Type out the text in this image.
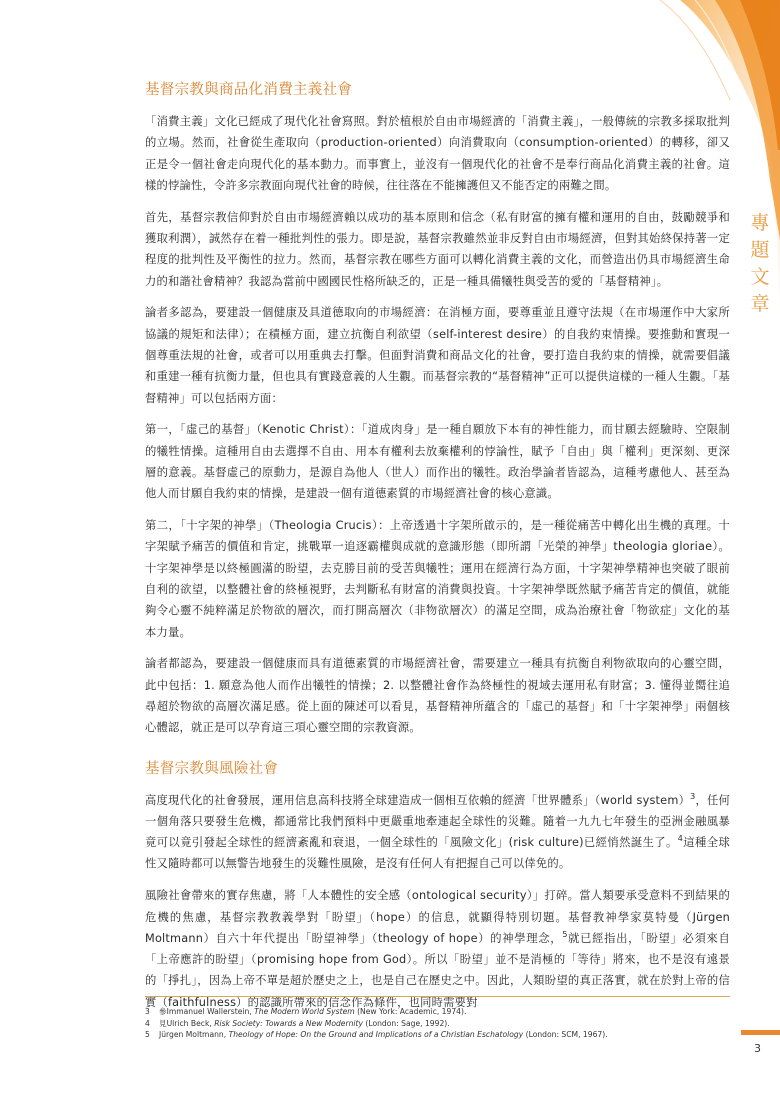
專
題
文
章
基督宗教與商品化消費主義社會

「消費主義」文化已經成了現代化社會寫照。對於植根於自由市場經濟的「消費主義」，一般傳統的宗教多採取批判的立場。然而，社會從生產取向（production-oriented）向消費取向（consumption-oriented）的轉移，卻又正是令一個社會走向現代化的基本動力。而事實上，並沒有一個現代化的社會不是奉行商品化消費主義的社會。這樣的悖論性，令許多宗教面向現代社會的時候，往往落在不能擁護但又不能否定的兩難之間。

首先，基督宗教信仰對於自由市場經濟賴以成功的基本原則和信念（私有財富的擁有權和運用的自由，鼓勵競爭和獲取利潤），誠然存在着一種批判性的張力。即是說，基督宗教雖然並非反對自由市場經濟，但對其始終保持著一定程度的批判性及平衡性的拉力。然而，基督宗教在哪些方面可以轉化消費主義的文化，而營造出仍具市場經濟生命力的和諧社會精神？我認為當前中國國民性格所缺乏的，正是一種具備犧牲與受苦的愛的「基督精神」。

論者多認為，要建設一個健康及具道德取向的市場經濟：在消極方面，要尊重並且遵守法規（在市場運作中大家所協議的規矩和法律）；在積極方面，建立抗衡自利欲望（self-interest desire）的自我約束情操。要推動和實現一個尊重法規的社會，或者可以用重典去打擊。但面對消費和商品文化的社會，要打造自我約束的情操，就需要倡議和重建一種有抗衡力量，但也具有實踐意義的人生觀。而基督宗教的“基督精神”正可以提供這樣的一種人生觀。「基督精神」可以包括兩方面：

第一，「虛己的基督」（Kenotic Christ）：「道成肉身」是一種自願放下本有的神性能力，而甘願去經驗時、空限制的犧牲情操。這種用自由去選擇不自由、用本有權利去放棄權利的悖論性，賦予「自由」與「權利」更深刻、更深層的意義。基督虛己的原動力，是源自為他人（世人）而作出的犧牲。政治學論者皆認為，這種考慮他人、甚至為他人而甘願自我約束的情操，是建設一個有道德素質的市場經濟社會的核心意識。

第二，「十字架的神學」（Theologia Crucis）：上帝透過十字架所啟示的，是一種從痛苦中轉化出生機的真理。十字架賦予痛苦的價值和肯定，挑戰單一追逐霸權與成就的意識形態（即所謂「光榮的神學」theologia gloriae）。十字架神學是以終極圓滿的盼望，去克勝目前的受苦與犧牲；運用在經濟行為方面，十字架神學精神也突破了眼前自利的欲望，以整體社會的終極視野，去判斷私有財富的消費與投資。十字架神學既然賦予痛苦肯定的價值，就能夠令心靈不純粹滿足於物欲的層次，而打開高層次（非物欲層次）的滿足空間，成為治療社會「物欲症」文化的基本力量。

論者都認為，要建設一個健康而具有道德素質的市場經濟社會，需要建立一種具有抗衡自利物欲取向的心靈空間，此中包括：1. 願意為他人而作出犧牲的情操；2. 以整體社會作為終極性的視域去運用私有財富；3. 懂得並嚮往追尋超於物欲的高層次滿足感。從上面的陳述可以看見，基督精神所蘊含的「虛己的基督」和「十字架神學」兩個核心體認，就正是可以孕育這三項心靈空間的宗教資源。

基督宗教與風險社會

高度現代化的社會發展，運用信息高科技將全球建造成一個相互依賴的經濟「世界體系」（world system）$^3$，任何一個角落只要發生危機，都通常比我們預料中更嚴重地牽連起全球性的災難。隨着一九九七年發生的亞洲金融風暴竟可以竟引發起全球性的經濟紊亂和衰退，一個全球性的「風險文化」(risk culture)已經悄然誕生了。$^4$這種全球性又隨時都可以無警告地發生的災難性風險，是沒有任何人有把握自己可以倖免的。

風險社會帶來的實存焦慮，將「人本體性的安全感（ontological security）」打碎。當人類要承受意料不到結果的危機的焦慮，基督宗教教義學對「盼望」（hope）的信息，就顯得特別切題。基督教神學家莫特曼（Jürgen Moltmann）自六十年代提出「盼望神學」（theology of hope）的神學理念，$^5$就已經指出，「盼望」必須來自「上帝應許的盼望」（promising hope from God）。所以「盼望」並不是消極的「等待」將來，也不是沒有遠景的「掙扎」，因為上帝不單是超於歷史之上，也是自己在歷史之中。因此，人類盼望的真正落實，就在於對上帝的信實（faithfulness）的認識所帶來的信念作為條件，也同時需要對

3 參Immanuel Wallerstein, The Modern World System (New York: Academic, 1974).
4 見Ulrich Beck, Risk Society: Towards a New Modernity (London: Sage, 1992).
5 Jürgen Moltmann, Theology of Hope: On the Ground and Implications of a Christian Eschatology (London: SCM, 1967).
3
